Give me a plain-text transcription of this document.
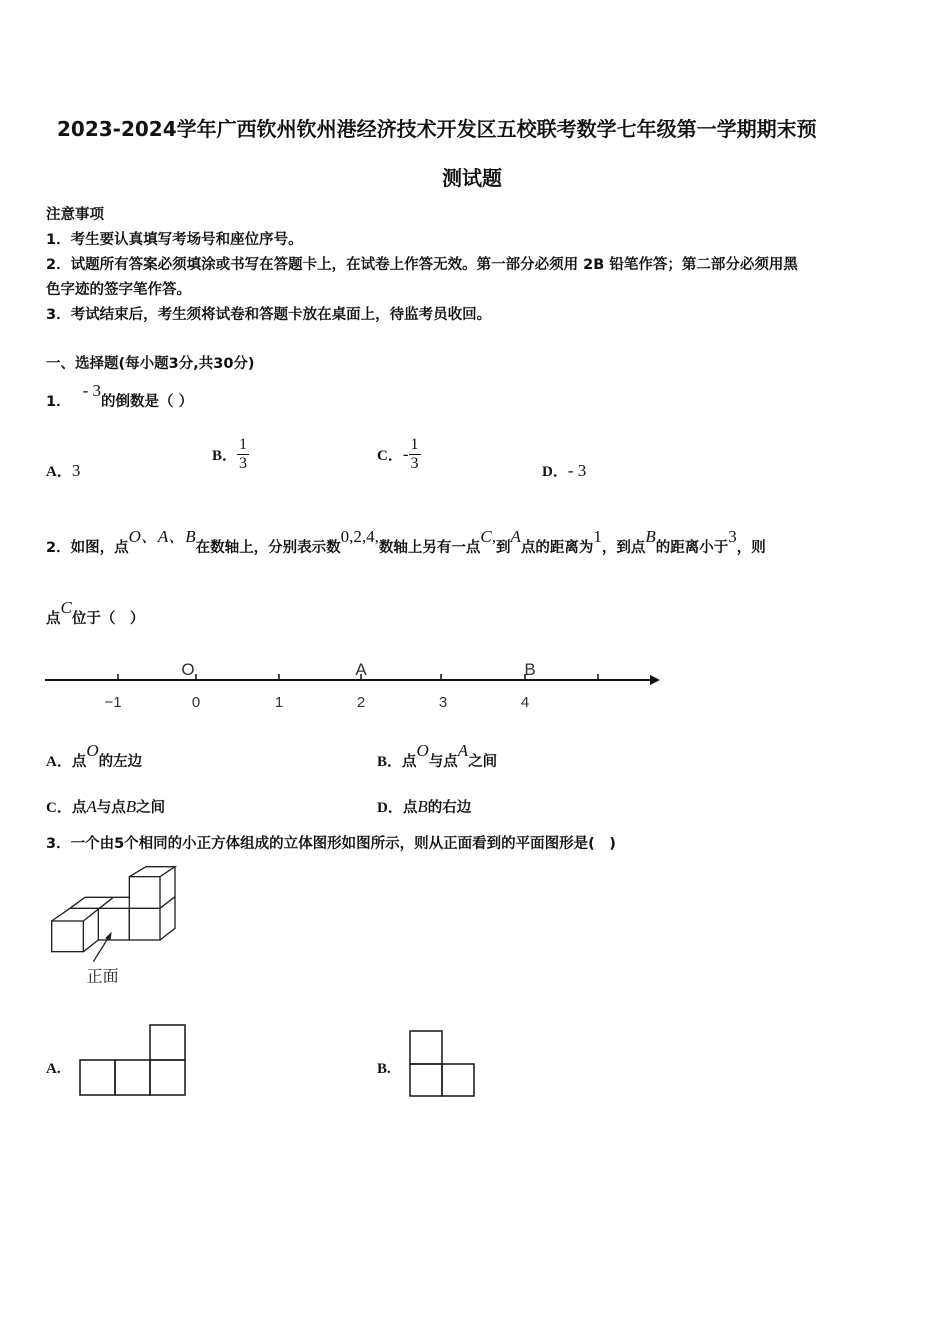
2023-2024学年广西钦州钦州港经济技术开发区五校联考数学七年级第一学期期末预
测试题
注意事项
1．考生要认真填写考场号和座位序号。
2．试题所有答案必须填涂或书写在答题卡上，在试卷上作答无效。第一部分必须用 2B 铅笔作答；第二部分必须用黑
色字迹的签字笔作答。
3．考试结束后，考生须将试卷和答题卡放在桌面上，待监考员收回。
一、选择题(每小题3分,共30分)
1．- 3的倒数是（ ）
A．3
B． $\frac{1}{3}$	C．- $\frac{1}{3}$	D．- 3
2．如图，点O、A、B在数轴上，分别表示数0,2,4,数轴上另有一点C,到A点的距离为1，到点B的距离小于3，则
点C位于（　）
−1	0	1	2	3	4
O	A	B
A．点O的左边	B．点O与点A之间
C．点A与点B之间	D．点B的右边
3．一个由5个相同的小正方体组成的立体图形如图所示，则从正面看到的平面图形是(　)
正面
A.	B.
